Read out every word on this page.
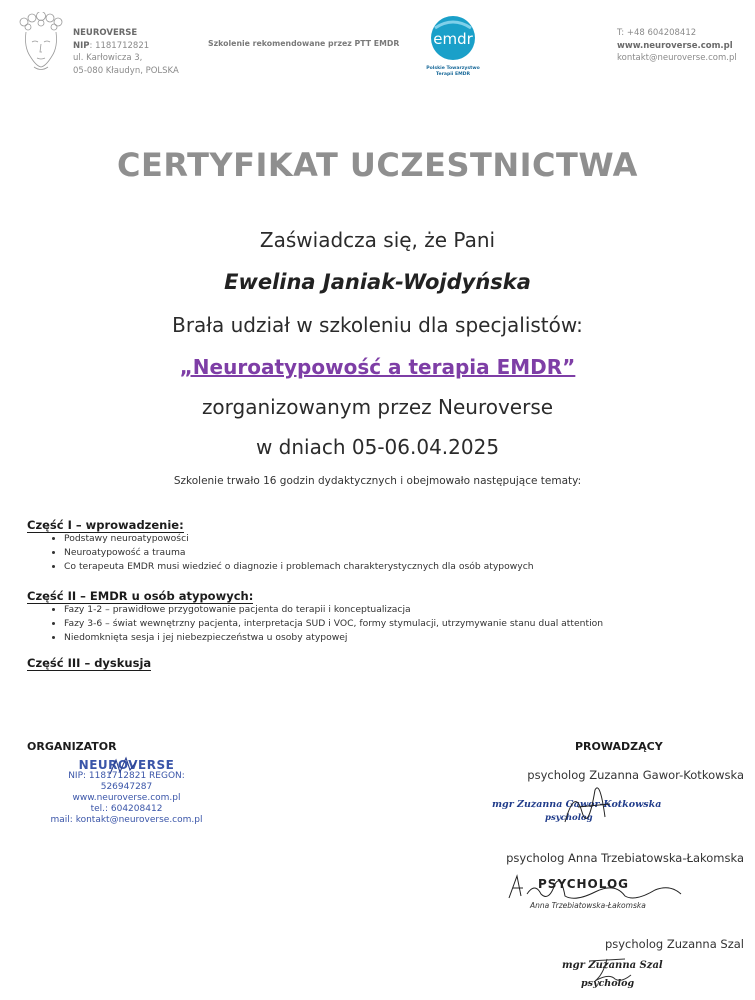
NEUROVERSE
NIP: 1181712821
ul. Karłowicza 3,
05-080 Kłaudyn, POLSKA
Szkolenie rekomendowane przez PTT EMDR emdr
Polskie Towarzystwo
Terapii EMDR
T: +48 604208412
www.neuroverse.com.pl
kontakt@neuroverse.com.pl
CERTYFIKAT UCZESTNICTWA
Zaświadcza się, że Pani
Ewelina Janiak-Wojdyńska
Brała udział w szkoleniu dla specjalistów:
„Neuroatypowość a terapia EMDR”
zorganizowanym przez Neuroverse
w dniach 05-06.04.2025
Szkolenie trwało 16 godzin dydaktycznych i obejmowało następujące tematy:
Część I – wprowadzenie:
• Podstawy neuroatypowości
• Neuroatypowość a trauma
• Co terapeuta EMDR musi wiedzieć o diagnozie i problemach charakterystycznych dla osób atypowych
Część II – EMDR u osób atypowych:
• Fazy 1-2 – prawidłowe przygotowanie pacjenta do terapii i konceptualizacja
• Fazy 3-6 – świat wewnętrzny pacjenta, interpretacja SUD i VOC, formy stymulacji, utrzymywanie stanu dual attention
• Niedomknięta sesja i jej niebezpieczeństwa u osoby atypowej
Część III – dyskusja
ORGANIZATOR
NEUROVERSE
NIP: 1181712821 REGON: 526947287
www.neuroverse.com.pl
tel.: 604208412
mail: kontakt@neuroverse.com.pl
PROWADZĄCY
psycholog Zuzanna Gawor-Kotkowska
mgr Zuzanna Gawor-Kotkowska
psycholog
psycholog Anna Trzebiatowska-Łakomska
PSYCHOLOG
Anna Trzebiatowska-Łakomska
psycholog Zuzanna Szal
mgr Zuzanna Szal
psycholog
